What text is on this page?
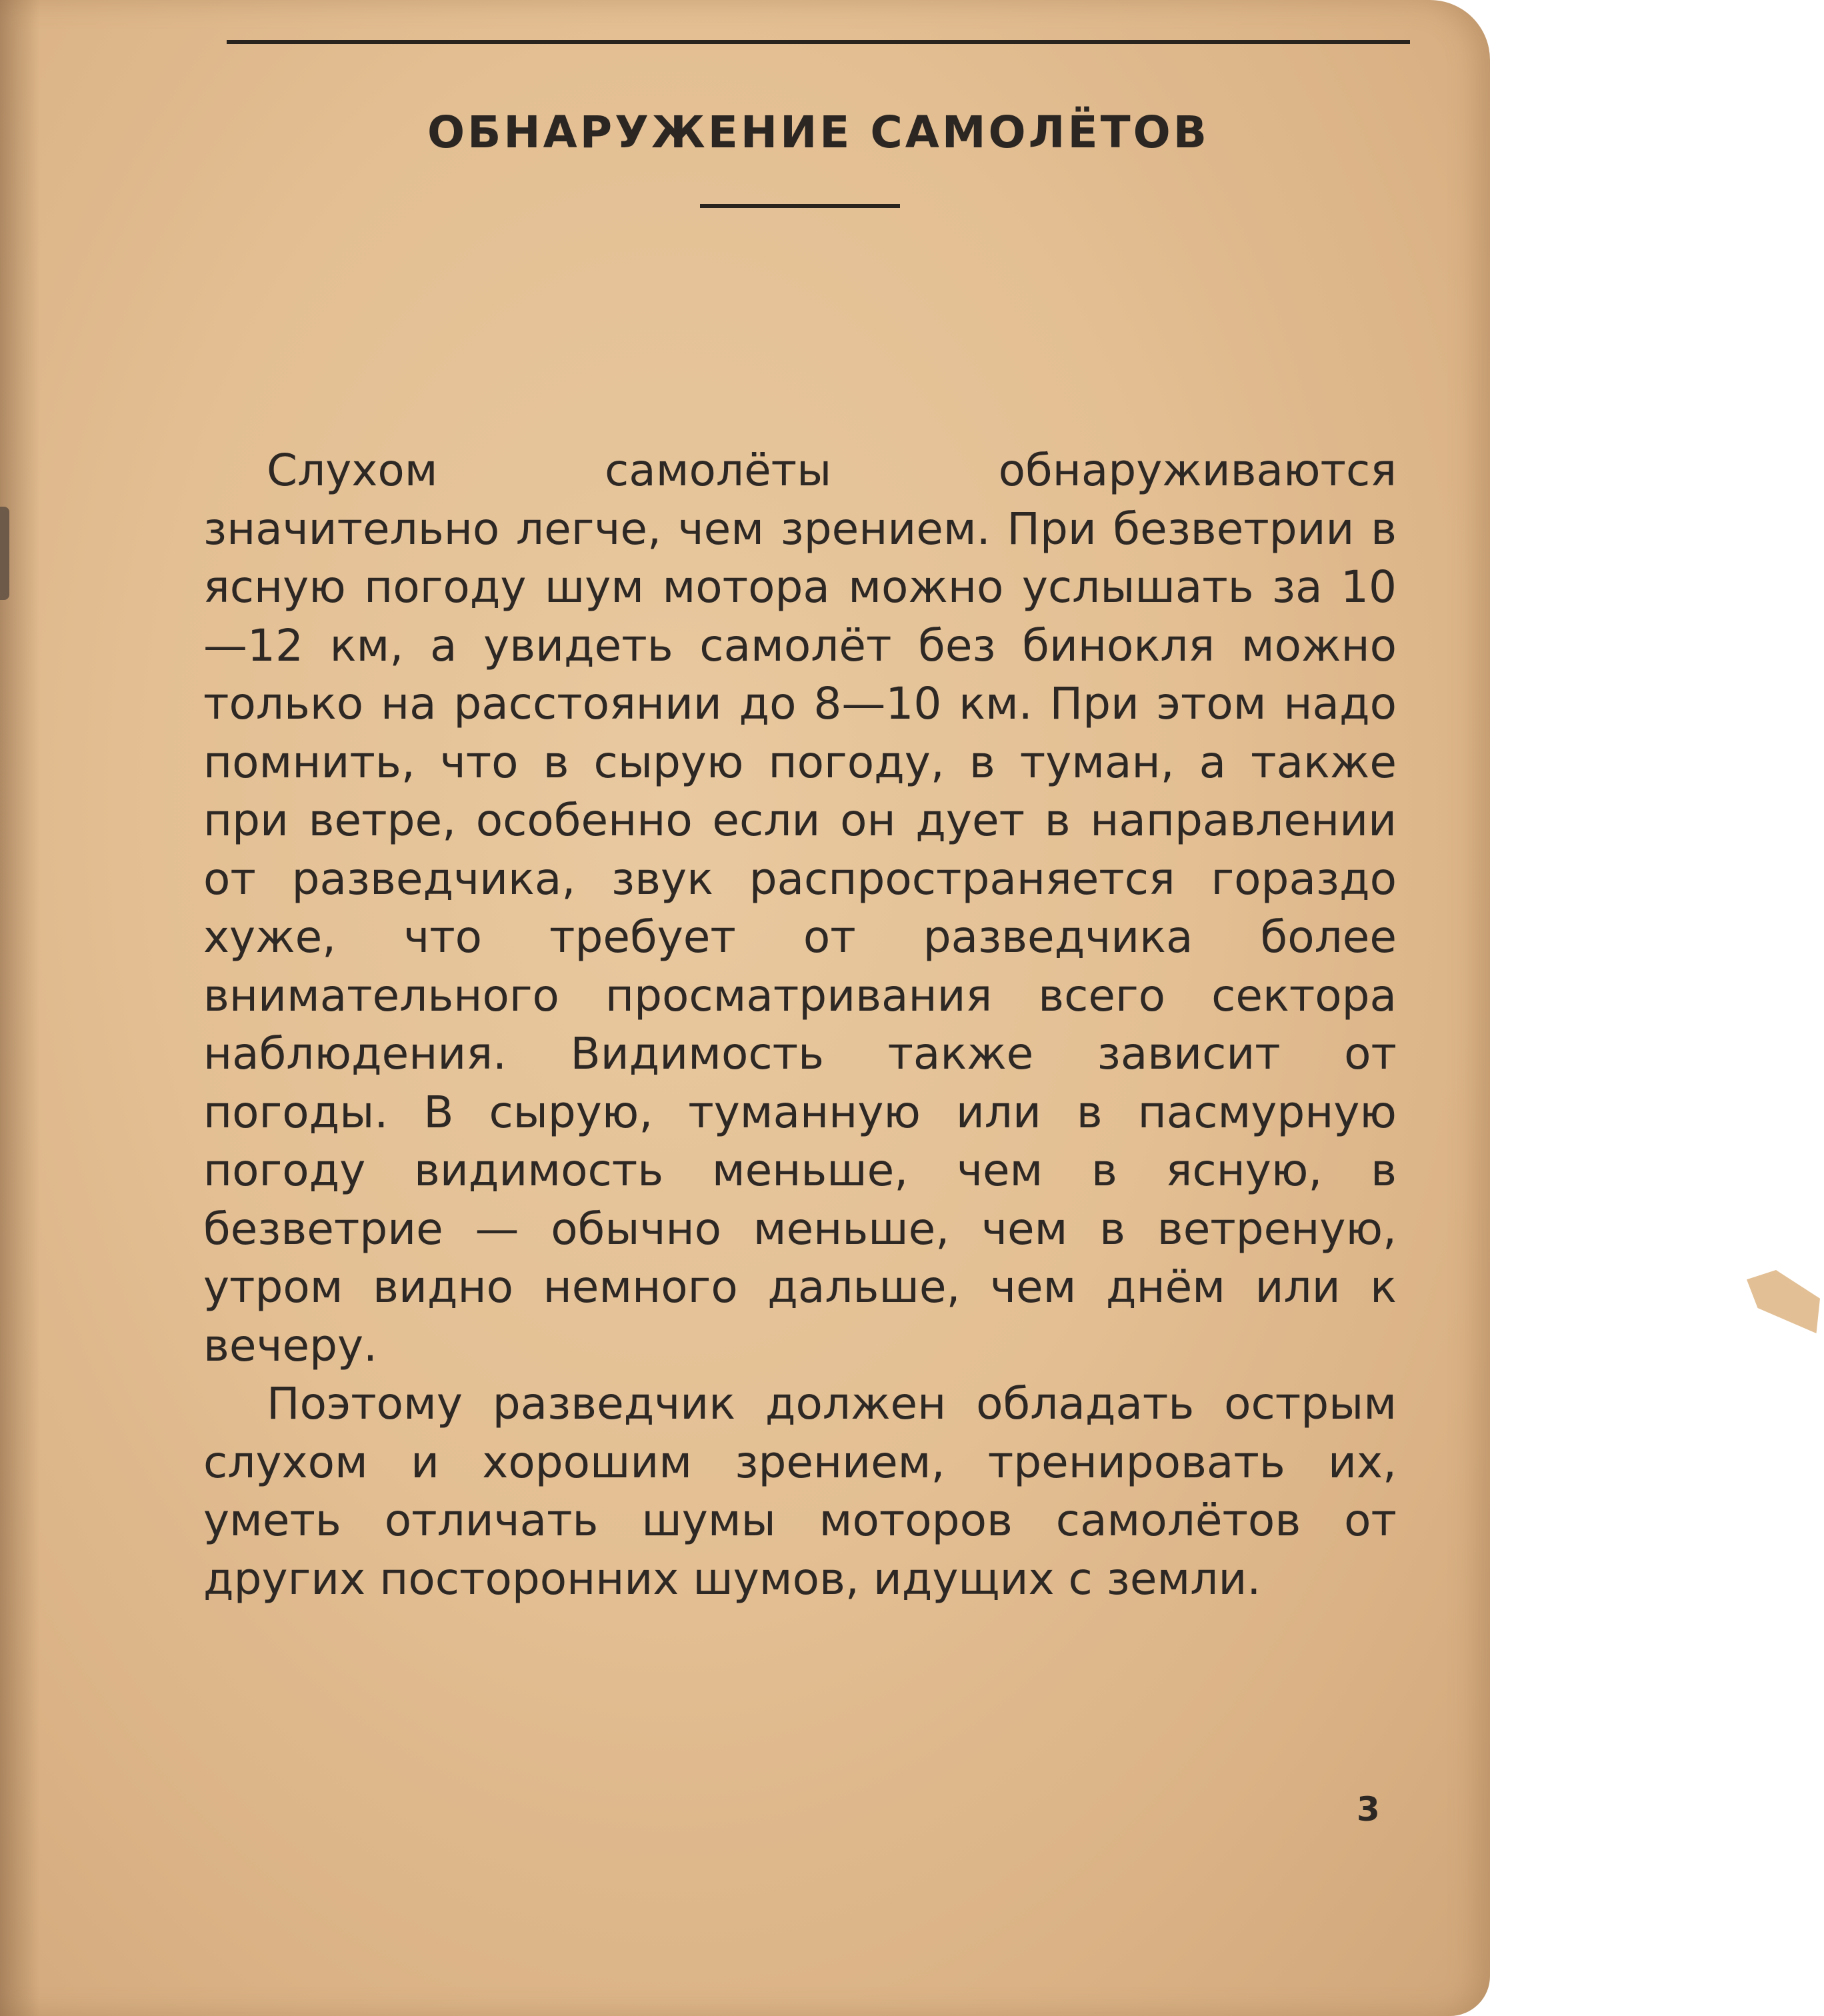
ОБНАРУЖЕНИЕ САМОЛЁТОВ

Слухом самолёты обнаруживаются значительно легче, чем зрением. При безветрии в ясную погоду шум мотора можно услышать за 10—12 км, а увидеть самолёт без бинокля можно только на расстоянии до 8—10 км. При этом надо помнить, что в сырую погоду, в туман, а также при ветре, особенно если он дует в направлении от разведчика, звук распространяется гораздо хуже, что требует от разведчика более внимательного просматривания всего сектора наблюдения. Видимость также зависит от погоды. В сырую, туманную или в пасмурную погоду видимость меньше, чем в ясную, в безветрие — обычно меньше, чем в ветреную, утром видно немного дальше, чем днём или к вечеру.

Поэтому разведчик должен обладать острым слухом и хорошим зрением, тренировать их, уметь отличать шумы моторов самолётов от других посторонних шумов, идущих с земли.

3
